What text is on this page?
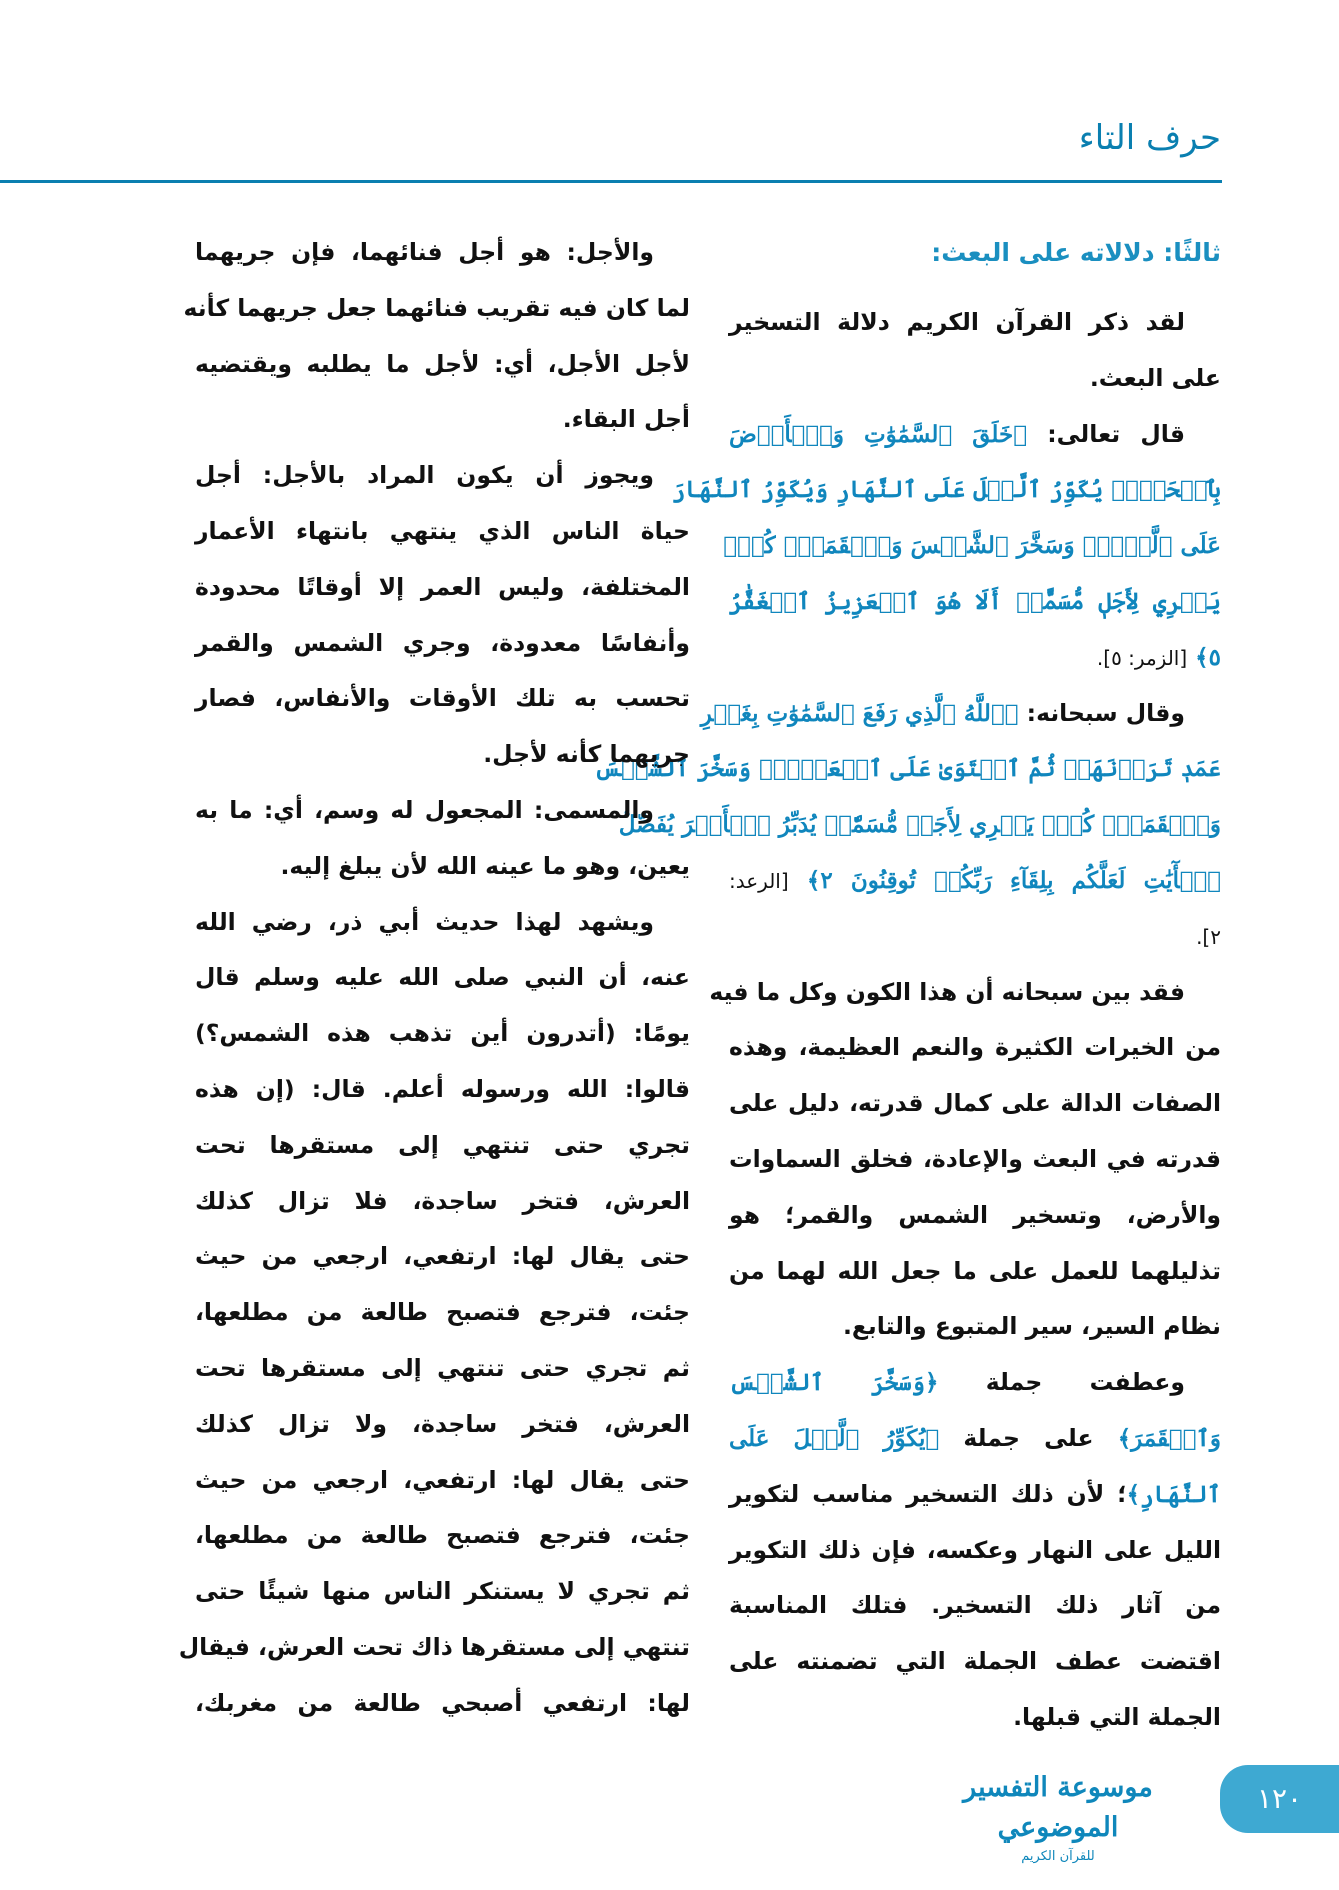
حرف التاء
ثالثًا: دلالاته على البعث:
لقد ذكر القرآن الكريم دلالة التسخير
على البعث.
قال تعالى: ﴿خَلَقَ ٱلسَّمَٰوَٰتِ وَٱلۡأَرۡضَ
بِٱلۡحَقِّۖ يُكَوِّرُ ٱلَّيۡلَ عَلَى ٱلنَّهَارِ وَيُكَوِّرُ ٱلنَّهَارَ
عَلَى ٱلَّيۡلِۖ وَسَخَّرَ ٱلشَّمۡسَ وَٱلۡقَمَرَۖ كُلّٞ
يَجۡرِي لِأَجَلٖ مُّسَمًّىۗ أَلَا هُوَ ٱلۡعَزِيزُ ٱلۡغَفَّٰرُ
٥﴾ [الزمر: ٥].
وقال سبحانه: ﴿ٱللَّهُ ٱلَّذِي رَفَعَ ٱلسَّمَٰوَٰتِ بِغَيۡرِ
عَمَدٖ تَرَوۡنَهَاۖ ثُمَّ ٱسۡتَوَىٰ عَلَى ٱلۡعَرۡشِۖ وَسَخَّرَ ٱلشَّمۡسَ
وَٱلۡقَمَرَۖ كُلّٞ يَجۡرِي لِأَجَلٖ مُّسَمّٗىۚ يُدَبِّرُ ٱلۡأَمۡرَ يُفَصِّلُ
ٱلۡأٓيَٰتِ لَعَلَّكُم بِلِقَآءِ رَبِّكُمۡ تُوقِنُونَ ٢﴾ [الرعد:
٢].
فقد بين سبحانه أن هذا الكون وكل ما فيه
من الخيرات الكثيرة والنعم العظيمة، وهذه
الصفات الدالة على كمال قدرته، دليل على
قدرته في البعث والإعادة، فخلق السماوات
والأرض، وتسخير الشمس والقمر؛ هو
تذليلهما للعمل على ما جعل الله لهما من
نظام السير، سير المتبوع والتابع.
وعطفت جملة ﴿وَسَخَّرَ ٱلشَّمۡسَ
وَٱلۡقَمَرَ﴾ على جملة ﴿يُكَوِّرُ ٱلَّيۡلَ عَلَى
ٱلنَّهَارِ﴾؛ لأن ذلك التسخير مناسب لتكوير
الليل على النهار وعكسه، فإن ذلك التكوير
من آثار ذلك التسخير. فتلك المناسبة
اقتضت عطف الجملة التي تضمنته على
الجملة التي قبلها.
والأجل: هو أجل فنائهما، فإن جريهما
لما كان فيه تقريب فنائهما جعل جريهما كأنه
لأجل الأجل، أي: لأجل ما يطلبه ويقتضيه
أجل البقاء.
ويجوز أن يكون المراد بالأجل: أجل
حياة الناس الذي ينتهي بانتهاء الأعمار
المختلفة، وليس العمر إلا أوقاتًا محدودة
وأنفاسًا معدودة، وجري الشمس والقمر
تحسب به تلك الأوقات والأنفاس، فصار
جريهما كأنه لأجل.
والمسمى: المجعول له وسم، أي: ما به
يعين، وهو ما عينه الله لأن يبلغ إليه.
ويشهد لهذا حديث أبي ذر، رضي الله
عنه، أن النبي صلى الله عليه وسلم قال
يومًا: (أتدرون أين تذهب هذه الشمس؟)
قالوا: الله ورسوله أعلم. قال: (إن هذه
تجري حتى تنتهي إلى مستقرها تحت
العرش، فتخر ساجدة، فلا تزال كذلك
حتى يقال لها: ارتفعي، ارجعي من حيث
جئت، فترجع فتصبح طالعة من مطلعها،
ثم تجري حتى تنتهي إلى مستقرها تحت
العرش، فتخر ساجدة، ولا تزال كذلك
حتى يقال لها: ارتفعي، ارجعي من حيث
جئت، فترجع فتصبح طالعة من مطلعها،
ثم تجري لا يستنكر الناس منها شيئًا حتى
تنتهي إلى مستقرها ذاك تحت العرش، فيقال
لها: ارتفعي أصبحي طالعة من مغربك،
موسوعة التفسير الموضوعي
للقرآن الكريم
١٢٠
